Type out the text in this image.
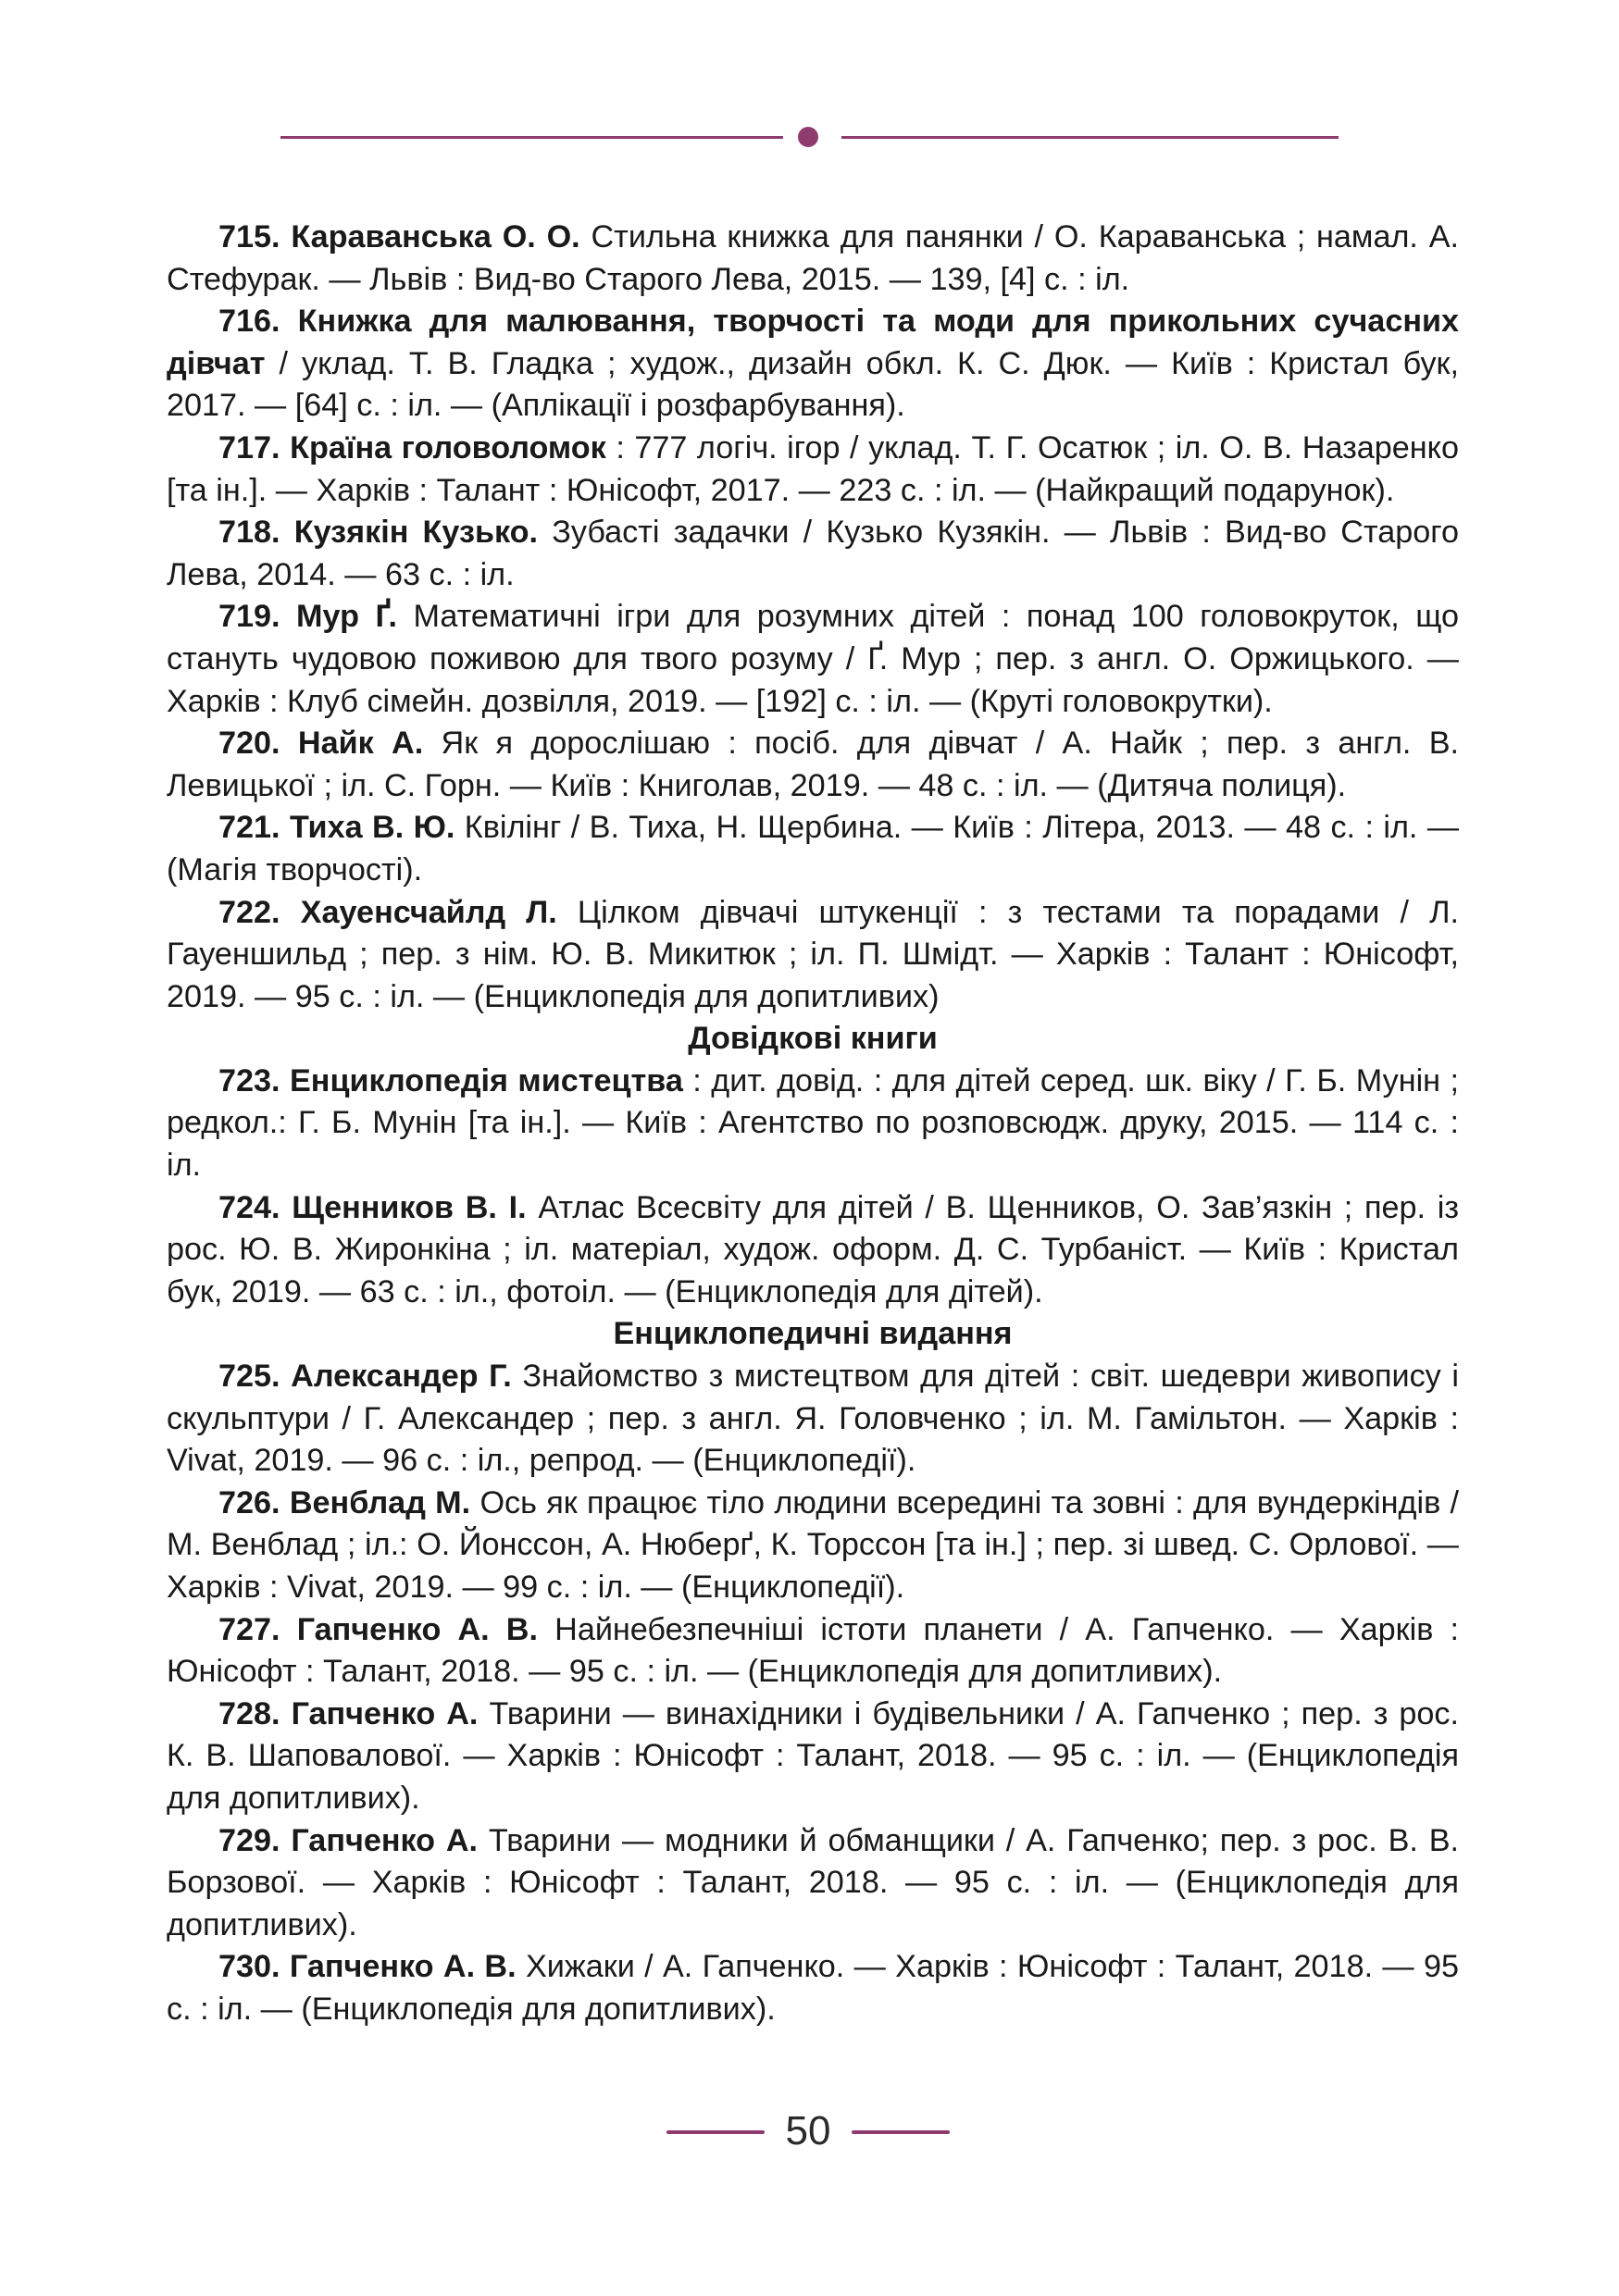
715. Караванська О. О. Стильна книжка для панянки / О. Караванська ; намал. А. Стефурак. — Львів : Вид-во Старого Лева, 2015. — 139, [4] с. : іл.

716. Книжка для малювання, творчості та моди для прикольних сучасних дівчат / уклад. Т. В. Гладка ; худож., дизайн обкл. К. С. Дюк. — Київ : Кристал бук, 2017. — [64] с. : іл. — (Аплікації і розфарбування).

717. Країна головоломок : 777 логіч. ігор / уклад. Т. Г. Осатюк ; іл. О. В. Назаренко [та ін.]. — Харків : Талант : Юнісофт, 2017. — 223 с. : іл. — (Найкращий подарунок).

718. Кузякін Кузько. Зубасті задачки / Кузько Кузякін. — Львів : Вид-во Старого Лева, 2014. — 63 с. : іл.

719. Мур Ґ. Математичні ігри для розумних дітей : понад 100 головокруток, що стануть чудовою поживою для твого розуму / Ґ. Мур ; пер. з англ. О. Оржицького. — Харків : Клуб сімейн. дозвілля, 2019. — [192] с. : іл. — (Круті головокрутки).

720. Найк А. Як я дорослішаю : посіб. для дівчат / А. Найк ; пер. з англ. В. Левицької ; іл. С. Горн. — Київ : Книголав, 2019. — 48 с. : іл. — (Дитяча полиця).

721. Тиха В. Ю. Квілінг / В. Тиха, Н. Щербина. — Київ : Літера, 2013. — 48 с. : іл. — (Магія творчості).

722. Хауенсчайлд Л. Цілком дівчачі штукенції : з тестами та порадами / Л. Гауеншильд ; пер. з нім. Ю. В. Микитюк ; іл. П. Шмідт. — Харків : Талант : Юнісофт, 2019. — 95 с. : іл. — (Енциклопедія для допитливих)

Довідкові книги

723. Енциклопедія мистецтва : дит. довід. : для дітей серед. шк. віку / Г. Б. Мунін ; редкол.: Г. Б. Мунін [та ін.]. — Київ : Агентство по розповсюдж. друку, 2015. — 114 с. : іл.

724. Щенников В. І. Атлас Всесвіту для дітей / В. Щенников, О. Зав’язкін ; пер. із рос. Ю. В. Жиронкіна ; іл. матеріал, худож. оформ. Д. С. Турбаніст. — Київ : Кристал бук, 2019. — 63 с. : іл., фотоіл. — (Енциклопедія для дітей).

Енциклопедичні видання

725. Александер Г. Знайомство з мистецтвом для дітей : світ. шедеври живопису і скульптури / Г. Александер ; пер. з англ. Я. Головченко ; іл. М. Гамільтон. — Харків : Vivat, 2019. — 96 с. : іл., репрод. — (Енциклопедії).

726. Венблад М. Ось як працює тіло людини всередині та зовні : для вундеркіндів / М. Венблад ; іл.: О. Йонссон, А. Нюберґ, К. Торссон [та ін.] ; пер. зі швед. С. Орлової. — Харків : Vivat, 2019. — 99 с. : іл. — (Енциклопедії).

727. Гапченко А. В. Найнебезпечніші істоти планети / А. Гапченко. — Харків : Юнісофт : Талант, 2018. — 95 с. : іл. — (Енциклопедія для допитливих).

728. Гапченко А. Тварини — винахідники і будівельники / А. Гапченко ; пер. з рос. К. В. Шаповалової. — Харків : Юнісофт : Талант, 2018. — 95 с. : іл. — (Енциклопедія для допитливих).

729. Гапченко А. Тварини — модники й обманщики / А. Гапченко; пер. з рос. В. В. Борзової. — Харків : Юнісофт : Талант, 2018. — 95 с. : іл. — (Енциклопедія для допитливих).

730. Гапченко А. В. Хижаки / А. Гапченко. — Харків : Юнісофт : Талант, 2018. — 95 с. : іл. — (Енциклопедія для допитливих).

50
